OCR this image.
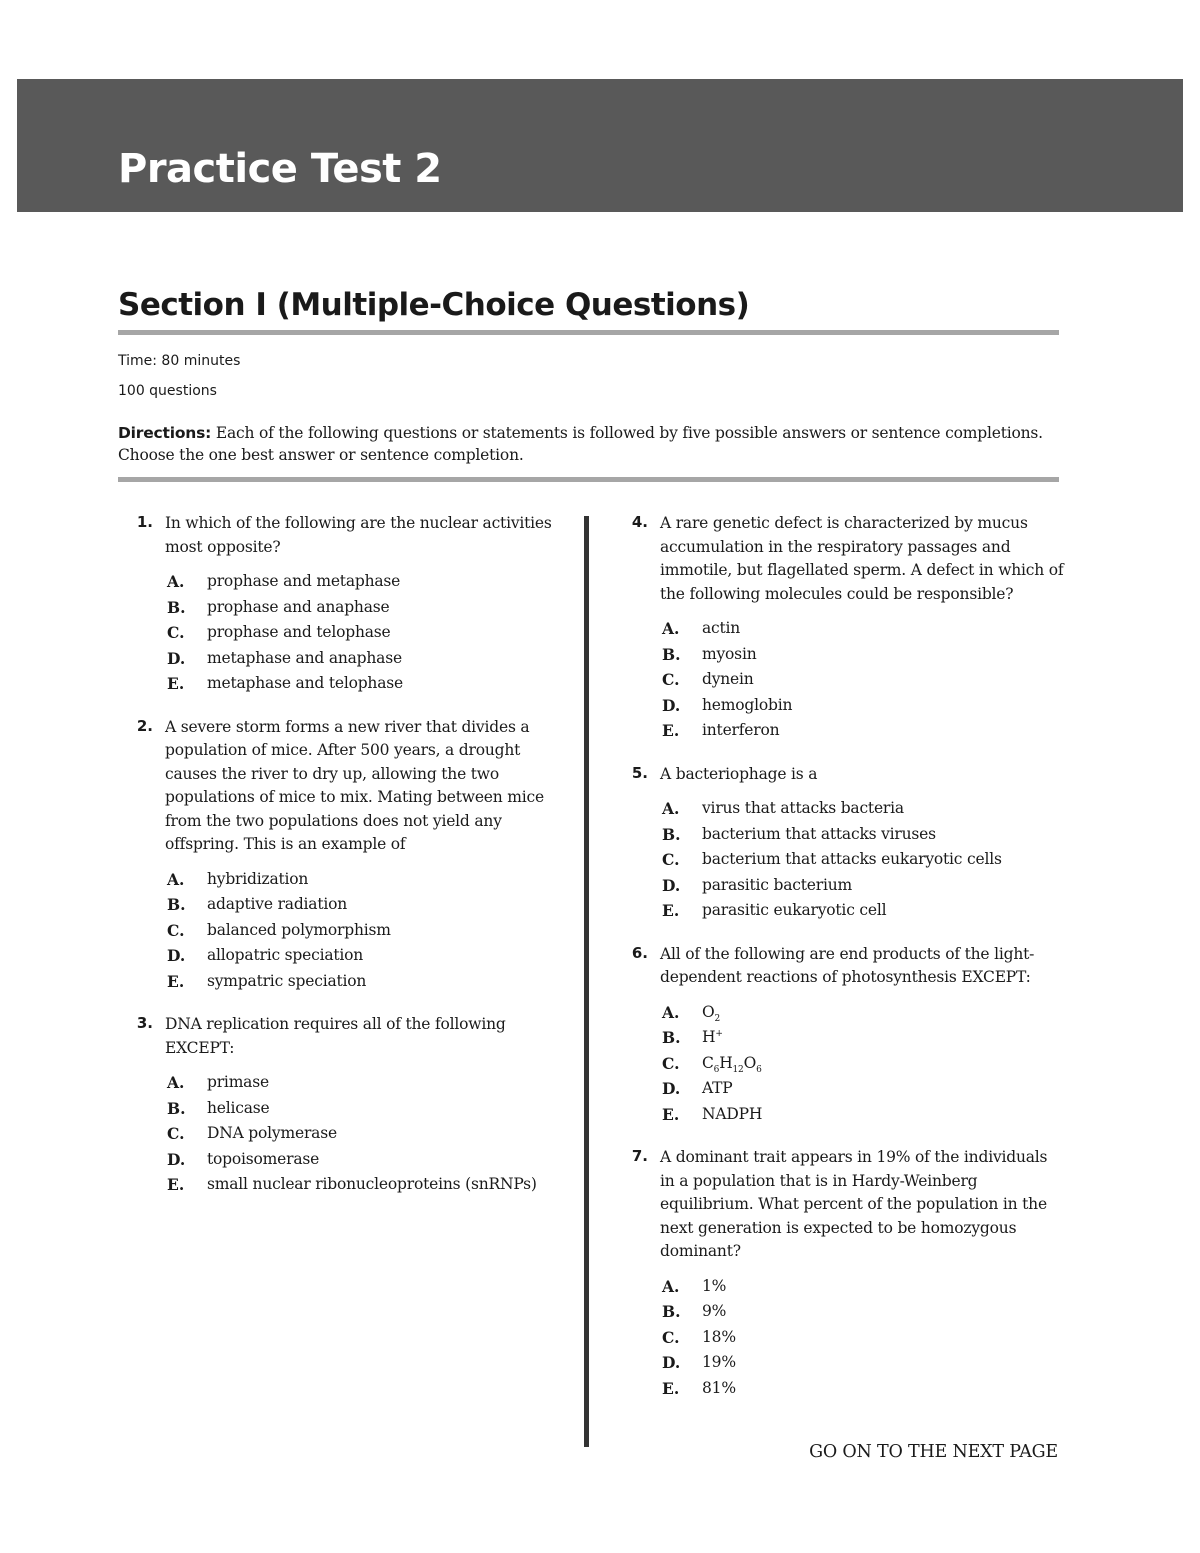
Practice Test 2
Section I (Multiple-Choice Questions)

Time: 80 minutes

100 questions

Directions: Each of the following questions or statements is followed by five possible answers or sentence completions. Choose the one best answer or sentence completion.

1. In which of the following are the nuclear activities most opposite?

A. prophase and metaphase
B. prophase and anaphase
C. prophase and telophase
D. metaphase and anaphase
E. metaphase and telophase
2. A severe storm forms a new river that divides a population of mice. After 500 years, a drought causes the river to dry up, allowing the two populations of mice to mix. Mating between mice from the two populations does not yield any offspring. This is an example of

A. hybridization
B. adaptive radiation
C. balanced polymorphism
D. allopatric speciation
E. sympatric speciation
3. DNA replication requires all of the following EXCEPT:

A. primase
B. helicase
C. DNA polymerase
D. topoisomerase
E. small nuclear ribonucleoproteins (snRNPs)
4. A rare genetic defect is characterized by mucus accumulation in the respiratory passages and immotile, but flagellated sperm. A defect in which of the following molecules could be responsible?

A. actin
B. myosin
C. dynein
D. hemoglobin
E. interferon
5. A bacteriophage is a

A. virus that attacks bacteria
B. bacterium that attacks viruses
C. bacterium that attacks eukaryotic cells
D. parasitic bacterium
E. parasitic eukaryotic cell
6. All of the following are end products of the light-dependent reactions of photosynthesis EXCEPT:

A. $O_2$
B. H+
C. $C_6H_{12}O_6$
D. ATP
E. NADPH
7. A dominant trait appears in 19% of the individuals in a population that is in Hardy-Weinberg equilibrium. What percent of the population in the next generation is expected to be homozygous dominant?

A. 1%
B. 9%
C. 18%
D. 19%
E. 81%

GO ON TO THE NEXT PAGE
